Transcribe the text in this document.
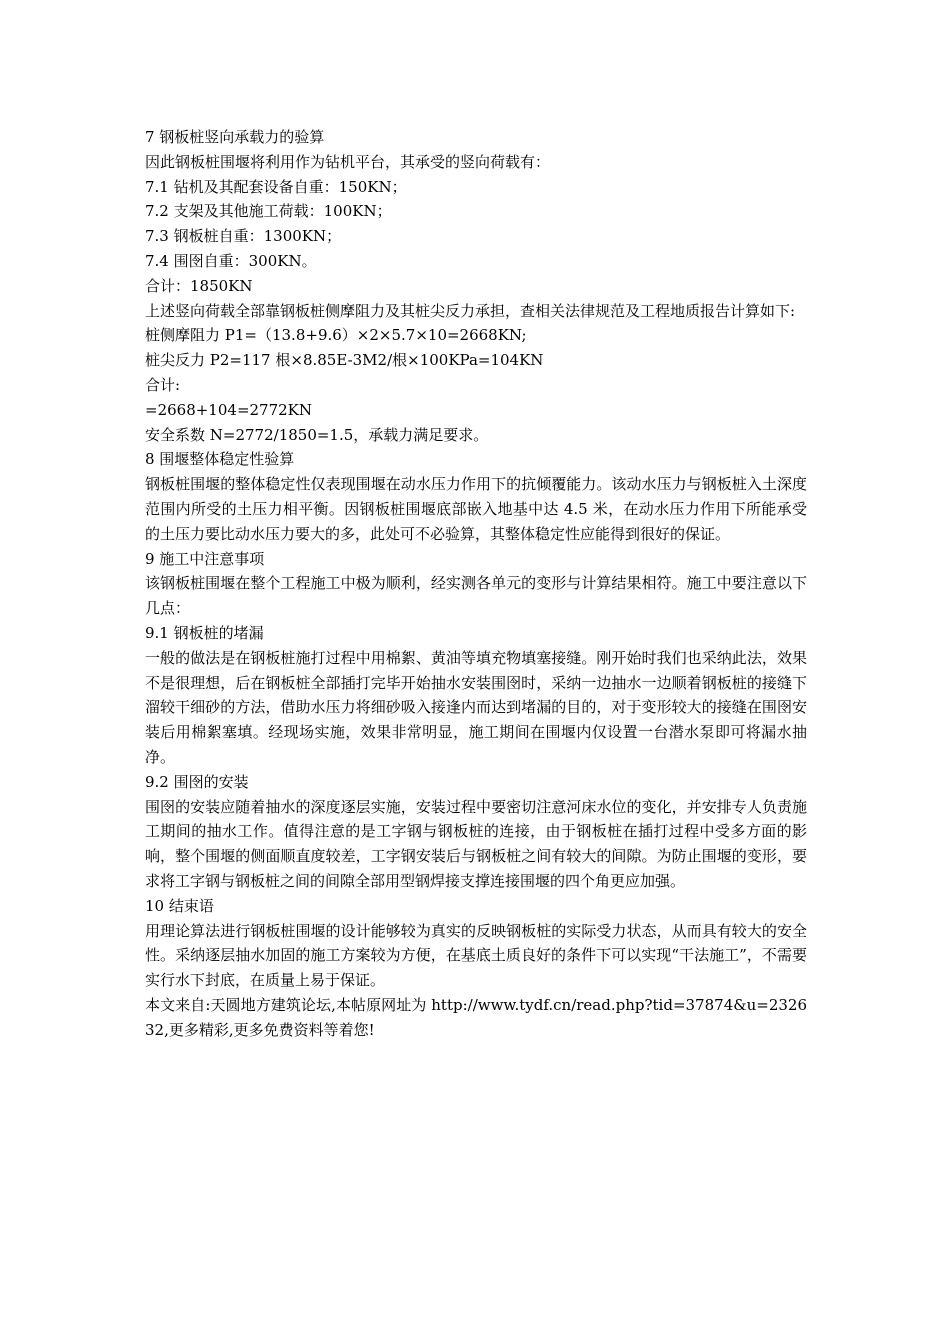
7 钢板桩竖向承载力的验算
因此钢板桩围堰将利用作为钻机平台，其承受的竖向荷载有：
7.1 钻机及其配套设备自重：150KN；
7.2 支架及其他施工荷载：100KN；
7.3 钢板桩自重：1300KN；
7.4 围囹自重：300KN。
合计：1850KN
上述竖向荷载全部靠钢板桩侧摩阻力及其桩尖反力承担，查相关法律规范及工程地质报告计算如下:
桩侧摩阻力 P1=（13.8+9.6）×2×5.7×10=2668KN;
桩尖反力 P2=117 根×8.85E-3M2/根×100KPa=104KN
合计:
=2668+104=2772KN
安全系数 N=2772/1850=1.5，承载力满足要求。
8 围堰整体稳定性验算
钢板桩围堰的整体稳定性仅表现围堰在动水压力作用下的抗倾覆能力。该动水压力与钢板桩入土深度范围内所受的土压力相平衡。因钢板桩围堰底部嵌入地基中达 4.5 米，在动水压力作用下所能承受的土压力要比动水压力要大的多，此处可不必验算，其整体稳定性应能得到很好的保证。
9 施工中注意事项
该钢板桩围堰在整个工程施工中极为顺利，经实测各单元的变形与计算结果相符。施工中要注意以下几点：
9.1 钢板桩的堵漏
一般的做法是在钢板桩施打过程中用棉絮、黄油等填充物填塞接缝。刚开始时我们也采纳此法，效果不是很理想，后在钢板桩全部插打完毕开始抽水安装围囹时，采纳一边抽水一边顺着钢板桩的接缝下溜较干细砂的方法，借助水压力将细砂吸入接逢内而达到堵漏的目的，对于变形较大的接缝在围囹安装后用棉絮塞填。经现场实施，效果非常明显，施工期间在围堰内仅设置一台潜水泵即可将漏水抽净。
9.2 围囹的安装
围囹的安装应随着抽水的深度逐层实施，安装过程中要密切注意河床水位的变化，并安排专人负责施工期间的抽水工作。值得注意的是工字钢与钢板桩的连接，由于钢板桩在插打过程中受多方面的影响，整个围堰的侧面顺直度较差，工字钢安装后与钢板桩之间有较大的间隙。为防止围堰的变形，要求将工字钢与钢板桩之间的间隙全部用型钢焊接支撑连接围堰的四个角更应加强。
10 结束语
用理论算法进行钢板桩围堰的设计能够较为真实的反映钢板桩的实际受力状态，从而具有较大的安全性。采纳逐层抽水加固的施工方案较为方便，在基底土质良好的条件下可以实现“干法施工”，不需要实行水下封底，在质量上易于保证。
本文来自:天圆地方建筑论坛,本帖原网址为 http://www.tydf.cn/read.php?tid=37874&u=232632,更多精彩,更多免费资料等着您!
